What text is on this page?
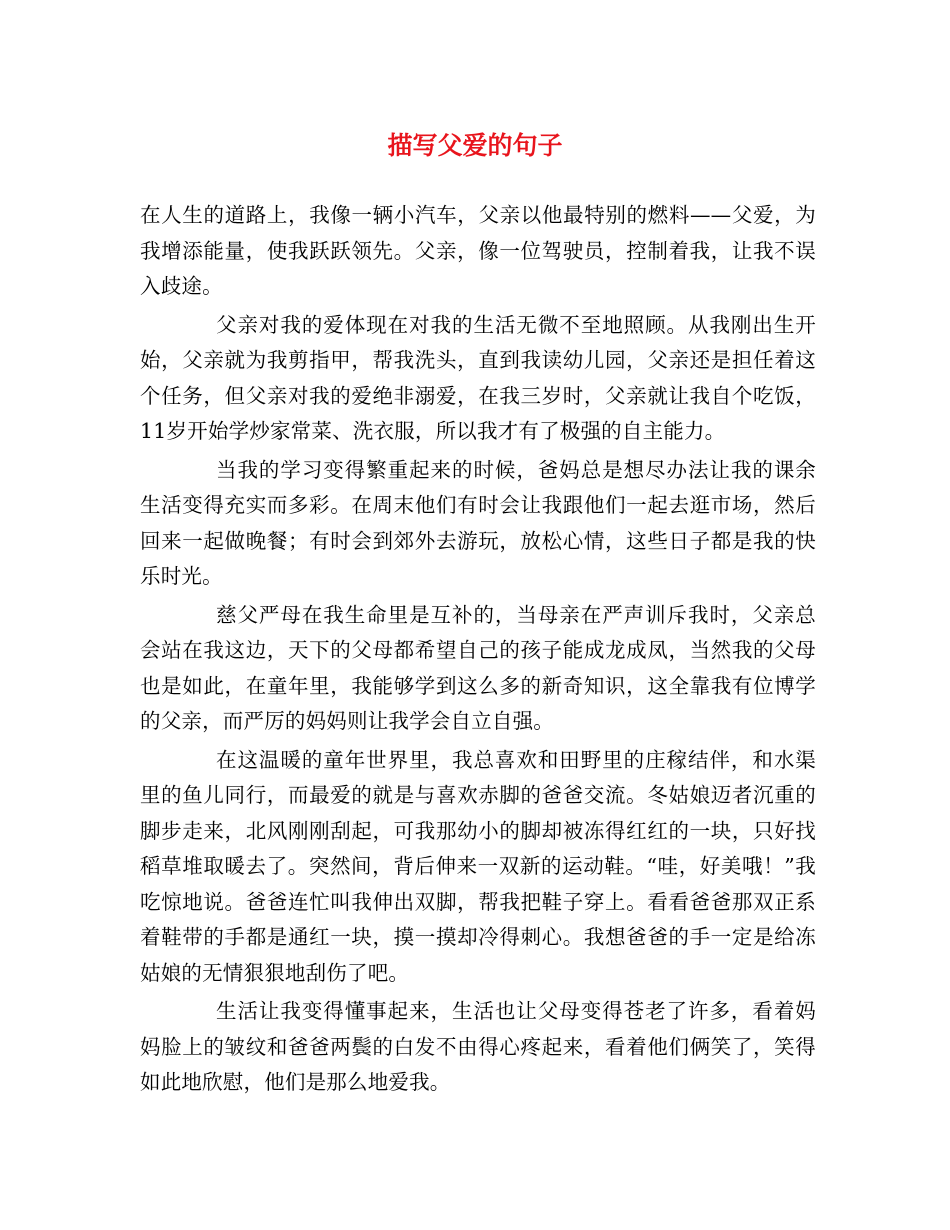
描写父爱的句子

在人生的道路上，我像一辆小汽车，父亲以他最特别的燃料——父爱，为我增添能量，使我跃跃领先。父亲，像一位驾驶员，控制着我，让我不误入歧途。

父亲对我的爱体现在对我的生活无微不至地照顾。从我刚出生开始，父亲就为我剪指甲，帮我洗头，直到我读幼儿园，父亲还是担任着这个任务，但父亲对我的爱绝非溺爱，在我三岁时，父亲就让我自个吃饭，11岁开始学炒家常菜、洗衣服，所以我才有了极强的自主能力。

当我的学习变得繁重起来的时候，爸妈总是想尽办法让我的课余生活变得充实而多彩。在周末他们有时会让我跟他们一起去逛市场，然后回来一起做晚餐；有时会到郊外去游玩，放松心情，这些日子都是我的快乐时光。

慈父严母在我生命里是互补的，当母亲在严声训斥我时，父亲总会站在我这边，天下的父母都希望自己的孩子能成龙成凤，当然我的父母也是如此，在童年里，我能够学到这么多的新奇知识，这全靠我有位博学的父亲，而严厉的妈妈则让我学会自立自强。

在这温暖的童年世界里，我总喜欢和田野里的庄稼结伴，和水渠里的鱼儿同行，而最爱的就是与喜欢赤脚的爸爸交流。冬姑娘迈者沉重的脚步走来，北风刚刚刮起，可我那幼小的脚却被冻得红红的一块，只好找稻草堆取暖去了。突然间，背后伸来一双新的运动鞋。“哇，好美哦！”我吃惊地说。爸爸连忙叫我伸出双脚，帮我把鞋子穿上。看看爸爸那双正系着鞋带的手都是通红一块，摸一摸却冷得刺心。我想爸爸的手一定是给冻姑娘的无情狠狠地刮伤了吧。

生活让我变得懂事起来，生活也让父母变得苍老了许多，看着妈妈脸上的皱纹和爸爸两鬓的白发不由得心疼起来，看着他们俩笑了，笑得如此地欣慰，他们是那么地爱我。
